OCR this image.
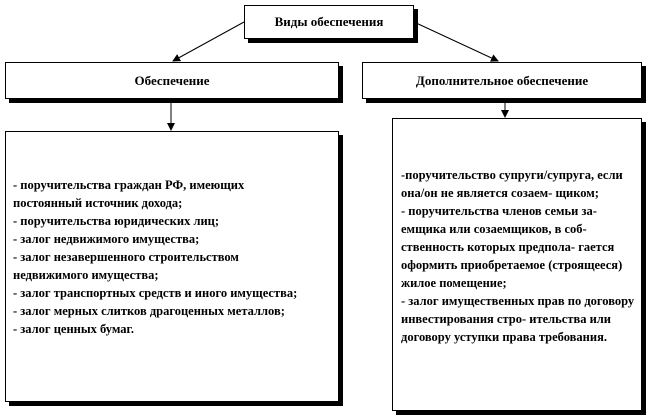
Виды обеспечения
Обеспечение	Дополнительное обеспечение
- поручительства граждан РФ, имеющих постоянный источник дохода;
- поручительства юридических лиц;
- залог недвижимого имущества;
- залог незавершенного строительством недвижимого имущества;
- залог транспортных средств и иного имущества;
- залог мерных слитков драгоценных металлов;
- залог ценных бумаг.
-поручительство супруги/супруга, если она/он не является созаем- щиком;
- поручительства членов семьи за- емщика или созаемщиков, в соб- ственность которых предпола- гается оформить приобретаемое (строящееся) жилое помещение;
- залог имущественных прав по договору инвестирования стро- ительства или договору уступки права требования.
